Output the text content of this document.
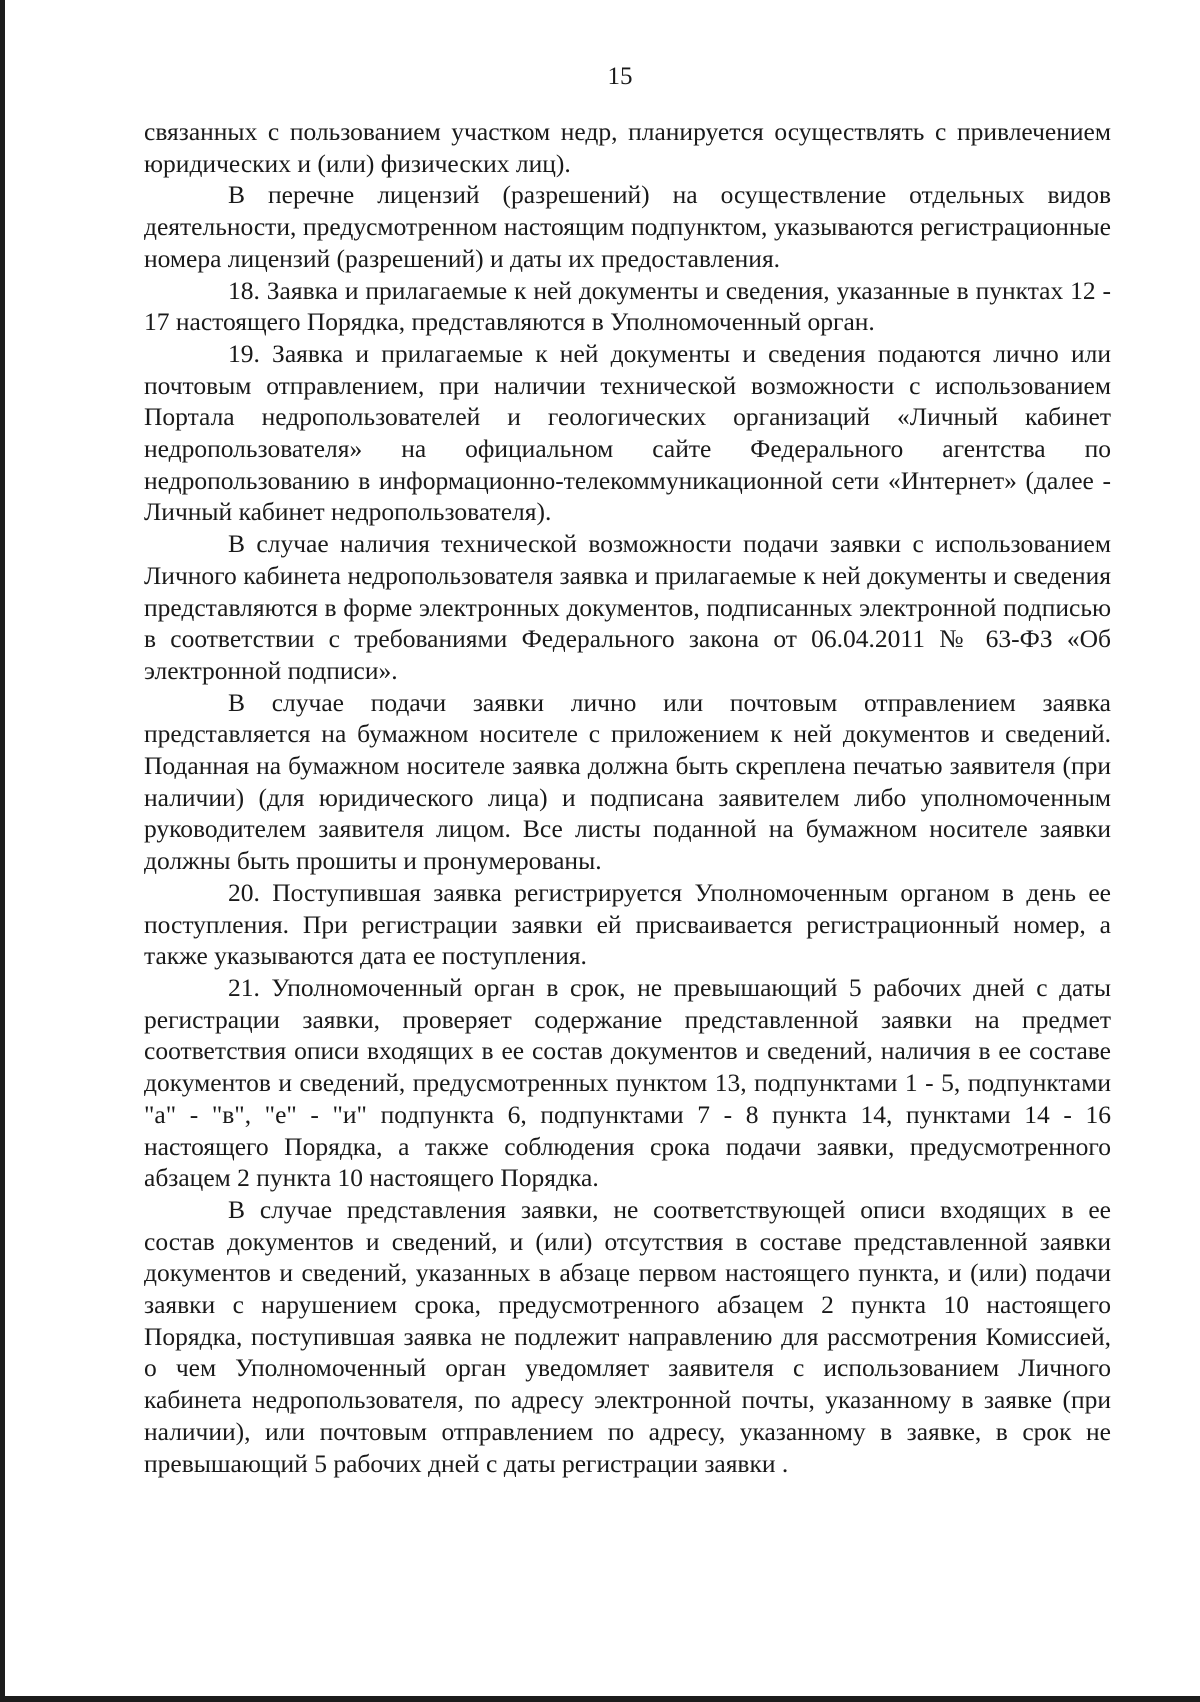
15

связанных с пользованием участком недр, планируется осуществлять с привлечением юридических и (или) физических лиц).

В перечне лицензий (разрешений) на осуществление отдельных видов деятельности, предусмотренном настоящим подпунктом, указываются регистрационные номера лицензий (разрешений) и даты их предоставления.

18. Заявка и прилагаемые к ней документы и сведения, указанные в пунктах 12 - 17 настоящего Порядка, представляются в Уполномоченный орган.

19. Заявка и прилагаемые к ней документы и сведения подаются лично или почтовым отправлением, при наличии технической возможности с использованием Портала недропользователей и геологических организаций «Личный кабинет недропользователя» на официальном сайте Федерального агентства по недропользованию в информационно-телекоммуникационной сети «Интернет» (далее - Личный кабинет недропользователя).

В случае наличия технической возможности подачи заявки с использованием Личного кабинета недропользователя заявка и прилагаемые к ней документы и сведения представляются в форме электронных документов, подписанных электронной подписью в соответствии с требованиями Федерального закона от 06.04.2011 № 63-ФЗ «Об электронной подписи».

В случае подачи заявки лично или почтовым отправлением заявка представляется на бумажном носителе с приложением к ней документов и сведений. Поданная на бумажном носителе заявка должна быть скреплена печатью заявителя (при наличии) (для юридического лица) и подписана заявителем либо уполномоченным руководителем заявителя лицом. Все листы поданной на бумажном носителе заявки должны быть прошиты и пронумерованы.

20. Поступившая заявка регистрируется Уполномоченным органом в день ее поступления. При регистрации заявки ей присваивается регистрационный номер, а также указываются дата ее поступления.

21. Уполномоченный орган в срок, не превышающий 5 рабочих дней с даты регистрации заявки, проверяет содержание представленной заявки на предмет соответствия описи входящих в ее состав документов и сведений, наличия в ее составе документов и сведений, предусмотренных пунктом 13, подпунктами 1 - 5, подпунктами "а" - "в", "е" - "и" подпункта 6, подпунктами 7 - 8 пункта 14, пунктами 14 - 16 настоящего Порядка, а также соблюдения срока подачи заявки, предусмотренного абзацем 2 пункта 10 настоящего Порядка.

В случае представления заявки, не соответствующей описи входящих в ее состав документов и сведений, и (или) отсутствия в составе представленной заявки документов и сведений, указанных в абзаце первом настоящего пункта, и (или) подачи заявки с нарушением срока, предусмотренного абзацем 2 пункта 10 настоящего Порядка, поступившая заявка не подлежит направлению для рассмотрения Комиссией, о чем Уполномоченный орган уведомляет заявителя с использованием Личного кабинета недропользователя, по адресу электронной почты, указанному в заявке (при наличии), или почтовым отправлением по адресу, указанному в заявке, в срок не превышающий 5 рабочих дней с даты регистрации заявки .
